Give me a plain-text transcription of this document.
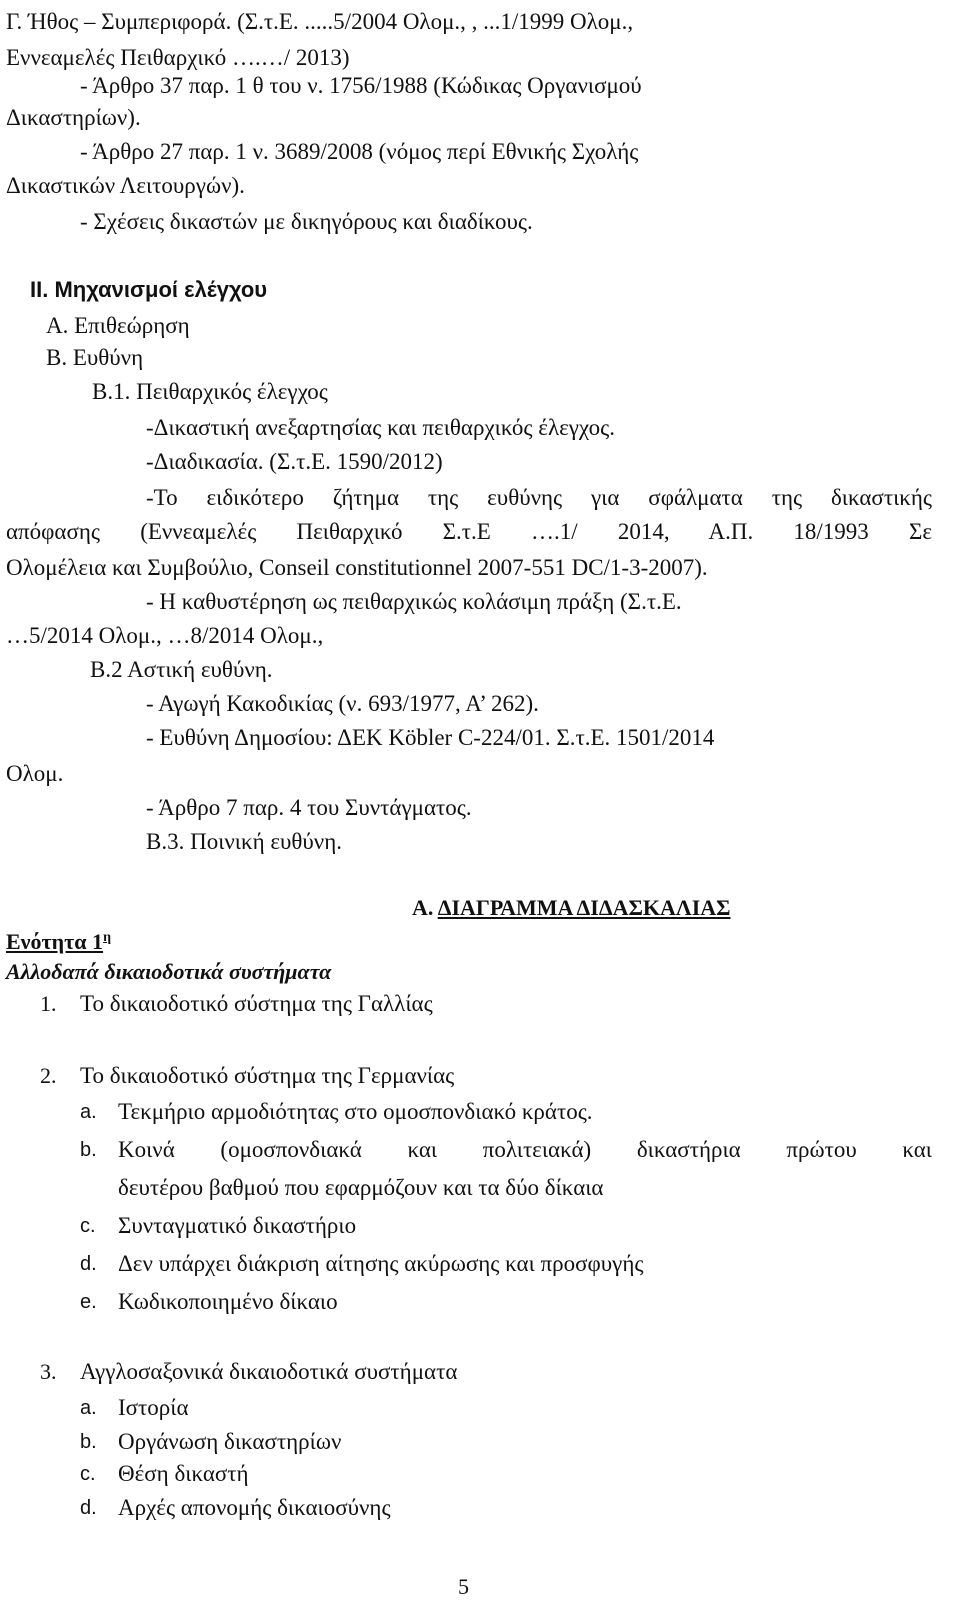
Γ. Ήθος – Συμπεριφορά. (Σ.τ.Ε. .....5/2004 Ολομ., , ...1/1999 Ολομ.,
Εννεαμελές Πειθαρχικό ….…/ 2013)
- Άρθρο 37 παρ. 1 θ του ν. 1756/1988 (Κώδικας Οργανισμού
Δικαστηρίων).
- Άρθρο 27 παρ. 1 ν. 3689/2008 (νόμος περί Εθνικής Σχολής
Δικαστικών Λειτουργών).
- Σχέσεις δικαστών με δικηγόρους και διαδίκους.
ΙΙ. Μηχανισμοί ελέγχου
Α. Επιθεώρηση
Β. Ευθύνη
Β.1. Πειθαρχικός έλεγχος
-Δικαστική ανεξαρτησίας και πειθαρχικός έλεγχος.
-Διαδικασία. (Σ.τ.Ε. 1590/2012)
-Το ειδικότερο ζήτημα της ευθύνης για σφάλματα της δικαστικής
απόφασης (Εννεαμελές Πειθαρχικό Σ.τ.Ε ….1/ 2014, Α.Π. 18/1993 Σε
Ολομέλεια και Συμβούλιο, Conseil constitutionnel 2007-551 DC/1-3-2007).
- Η καθυστέρηση ως πειθαρχικώς κολάσιμη πράξη (Σ.τ.Ε.
…5/2014 Ολομ., …8/2014 Ολομ.,
Β.2 Αστική ευθύνη.
- Αγωγή Κακοδικίας (ν. 693/1977, Α’ 262).
- Ευθύνη Δημοσίου: ΔΕΚ Köbler C-224/01. Σ.τ.Ε. 1501/2014
Ολομ.
- Άρθρο 7 παρ. 4 του Συντάγματος.
Β.3. Ποινική ευθύνη.
Α. ΔΙΑΓΡΑΜΜΑ ΔΙΔΑΣΚΑΛΙΑΣ
Ενότητα $1^\eta$
Αλλοδαπά δικαιοδοτικά συστήματα
1. Το δικαιοδοτικό σύστημα της Γαλλίας
2. Το δικαιοδοτικό σύστημα της Γερμανίας
a. Τεκμήριο αρμοδιότητας στο ομοσπονδιακό κράτος.
b. Κοινά (ομοσπονδιακά και πολιτειακά) δικαστήρια πρώτου και
δευτέρου βαθμού που εφαρμόζουν και τα δύο δίκαια
c. Συνταγματικό δικαστήριο
d. Δεν υπάρχει διάκριση αίτησης ακύρωσης και προσφυγής
e. Κωδικοποιημένο δίκαιο
3. Αγγλοσαξονικά δικαιοδοτικά συστήματα
a. Ιστορία
b. Οργάνωση δικαστηρίων
c. Θέση δικαστή
d. Αρχές απονομής δικαιοσύνης
5
